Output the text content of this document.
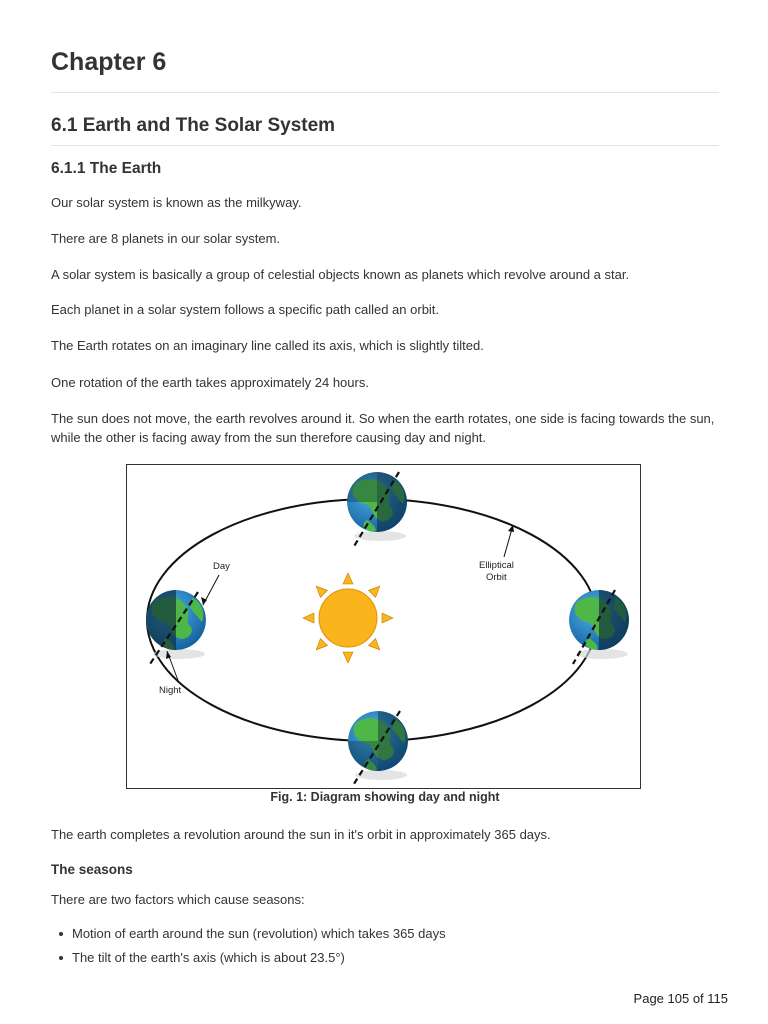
Chapter 6
6.1 Earth and The Solar System
6.1.1 The Earth

Our solar system is known as the milkyway.

There are 8 planets in our solar system.

A solar system is basically a group of celestial objects known as planets which revolve around a star.

Each planet in a solar system follows a specific path called an orbit.

The Earth rotates on an imaginary line called its axis, which is slightly tilted.

One rotation of the earth takes approximately 24 hours.

The sun does not move, the earth revolves around it. So when the earth rotates, one side is facing towards the sun, while the other is facing away from the sun therefore causing day and night.

Day
Night
Elliptical
Orbit
Fig. 1: Diagram showing day and night

The earth completes a revolution around the sun in it's orbit in approximately 365 days.

The seasons

There are two factors which cause seasons:

Motion of earth around the sun (revolution) which takes 365 days
The tilt of the earth's axis (which is about 23.5°)
Page 105 of 115
